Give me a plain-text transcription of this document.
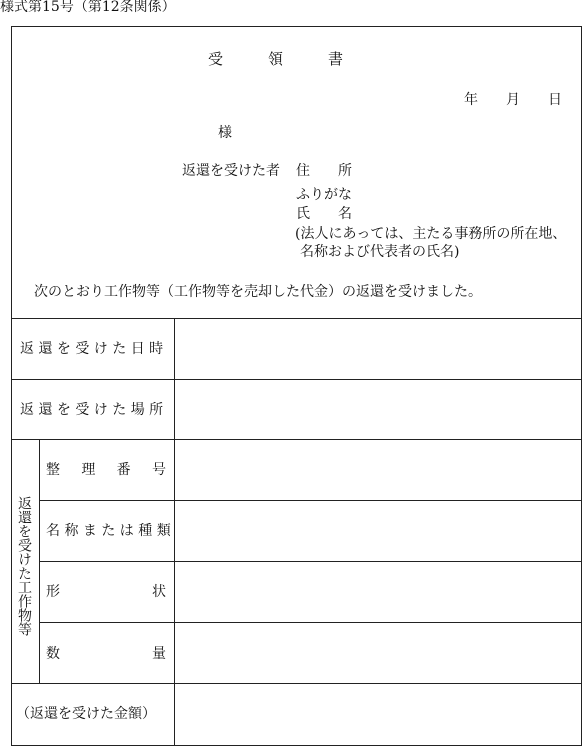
様式第15号（第12条関係）
受　　　領　　　書
年　　月　　日
様
返還を受けた者 住　　所
ふりがな
氏　　名
(法人にあっては、主たる事務所の所在地、
名称および代表者の氏名)
次のとおり工作物等（工作物等を売却した代金）の返還を受けました。
返 還 を 受 け た 日 時
返 還 を 受 け た 場 所
返還を受けた工作物等
整 理 番 号
名 称 ま た は 種 類
形	状
数	量
（返還を受けた金額）
